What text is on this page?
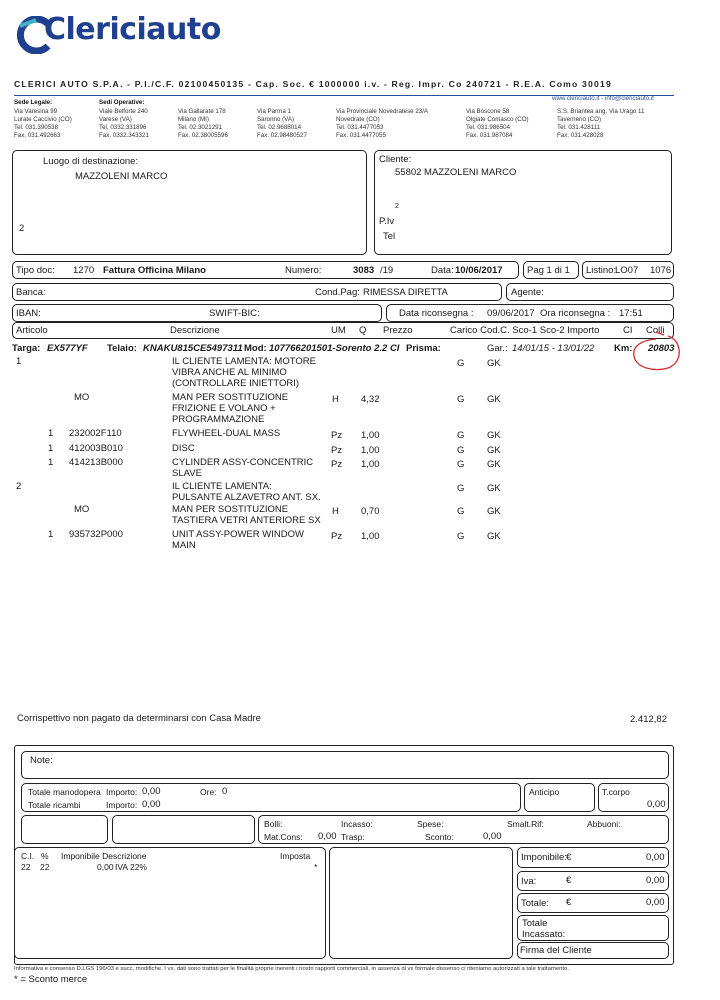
Clericiauto
CLERICI AUTO S.P.A. - P.I./C.F. 02100450135 - Cap. Soc. € 1000000 i.v. - Reg. Impr. Co 240721 - R.E.A. Como 30019
www.clericiauto.it - info@clericiauto.it
Sede Legale:
Via Varesina 99
Lurate Caccivio (CO)
Tel. 031.390538
Fax. 031.492663
Sedi Operative:
Viale Belforte 240
Varese (VA)
Tel. 0332.331896
Fax. 0332.343321
Via Gallarate 178
Milano (MI)
Tel. 02.3021291
Fax. 02.38005596
Via Parma 1
Saronno (VA)
Tel. 02.9688014
Fax. 02.98480527
Via Provinciale Novedratese 23/A
Novedrate (CO)
Tel. 031.4477053
Fax. 031.4477055
Via Boscone 58
Olgiate Comasco (CO)
Tel. 031.986504
Fax. 031.987084
S.S. Briantea ang. Via Urago 11
Tavernerio (CO)
Tel. 031.428111
Fax. 031.428028
Luogo di destinazione:
MAZZOLENI MARCO
2
Cliente:
55802 MAZZOLENI MARCO
2
P.Iv
Tel
Tipo doc: 1270 Fattura Officina Milano	Numero:	3083 /19	Data: 10/06/2017	Pag 1 di 1 Listino:
LO07 1076
Banca:	Cond.Pag: RIMESSA DIRETTA	Agente:
IBAN:	SWIFT-BIC:	Data riconsegna : 09/06/2017 Ora riconsegna : 17:51
Articolo	Descrizione	UM Q Prezzo	Carico Cod.C. Sco-1 Sco-2 Importo CI Colli
Targa: EX577YF Telaio: KNAKU815CE5497311 Mod: 107766201501-Sorento 2.2 CI Prisma:	Gar.: 14/01/15 - 13/01/22 Km: 20803
1	IL CLIENTE LAMENTA: MOTORE
VIBRA ANCHE AL MINIMO
(CONTROLLARE INIETTORI)
G GK
MO	MAN PER SOSTITUZIONE
FRIZIONE E VOLANO +
PROGRAMMAZIONE
H 4,32	G GK
1 232002F110	FLYWHEEL-DUAL MASS	Pz 1,00	G GK
1 412003B010	DISC	Pz 1,00	G GK
1 414213B000	CYLINDER ASSY-CONCENTRIC
SLAVE
Pz 1,00	G GK
2	IL CLIENTE LAMENTA:
PULSANTE ALZAVETRO ANT. SX.
G GK
MO	MAN PER SOSTITUZIONE
TASTIERA VETRI ANTERIORE SX
H 0,70	G GK
1 935732P000	UNIT ASSY-POWER WINDOW
MAIN
Pz 1,00	G GK
Corrispettivo non pagato da determinarsi con Casa Madre	2.412,82
Note:
Totale manodopera Importo: 0,00	Ore: 0
Totale ricambi	Importo: 0,00
Anticipo	T.corpo
0,00
Bolli:	Incasso:	Spese:	Smalt.Rif:	Abbuoni:
Mat.Cons: 0,00 Trasp:	Sconto:	0,00
C.I. % Imponibile Descrizione	Imposta
22 22	0,00 IVA 22%	*
Imponibile: €	0,00
Iva:	€	0,00
Totale: €	0,00
Totale
Incassato:
Firma del Cliente
Informativa e consenso D.LGS 196/03 e succ. modifiche. I vs. dati sono trattati per le finalità proprie inerenti i nostri rapporti commerciali, in assenza di vs formale dissenso ci riteniamo autorizzati a tale trattamento.
* = Sconto merce
